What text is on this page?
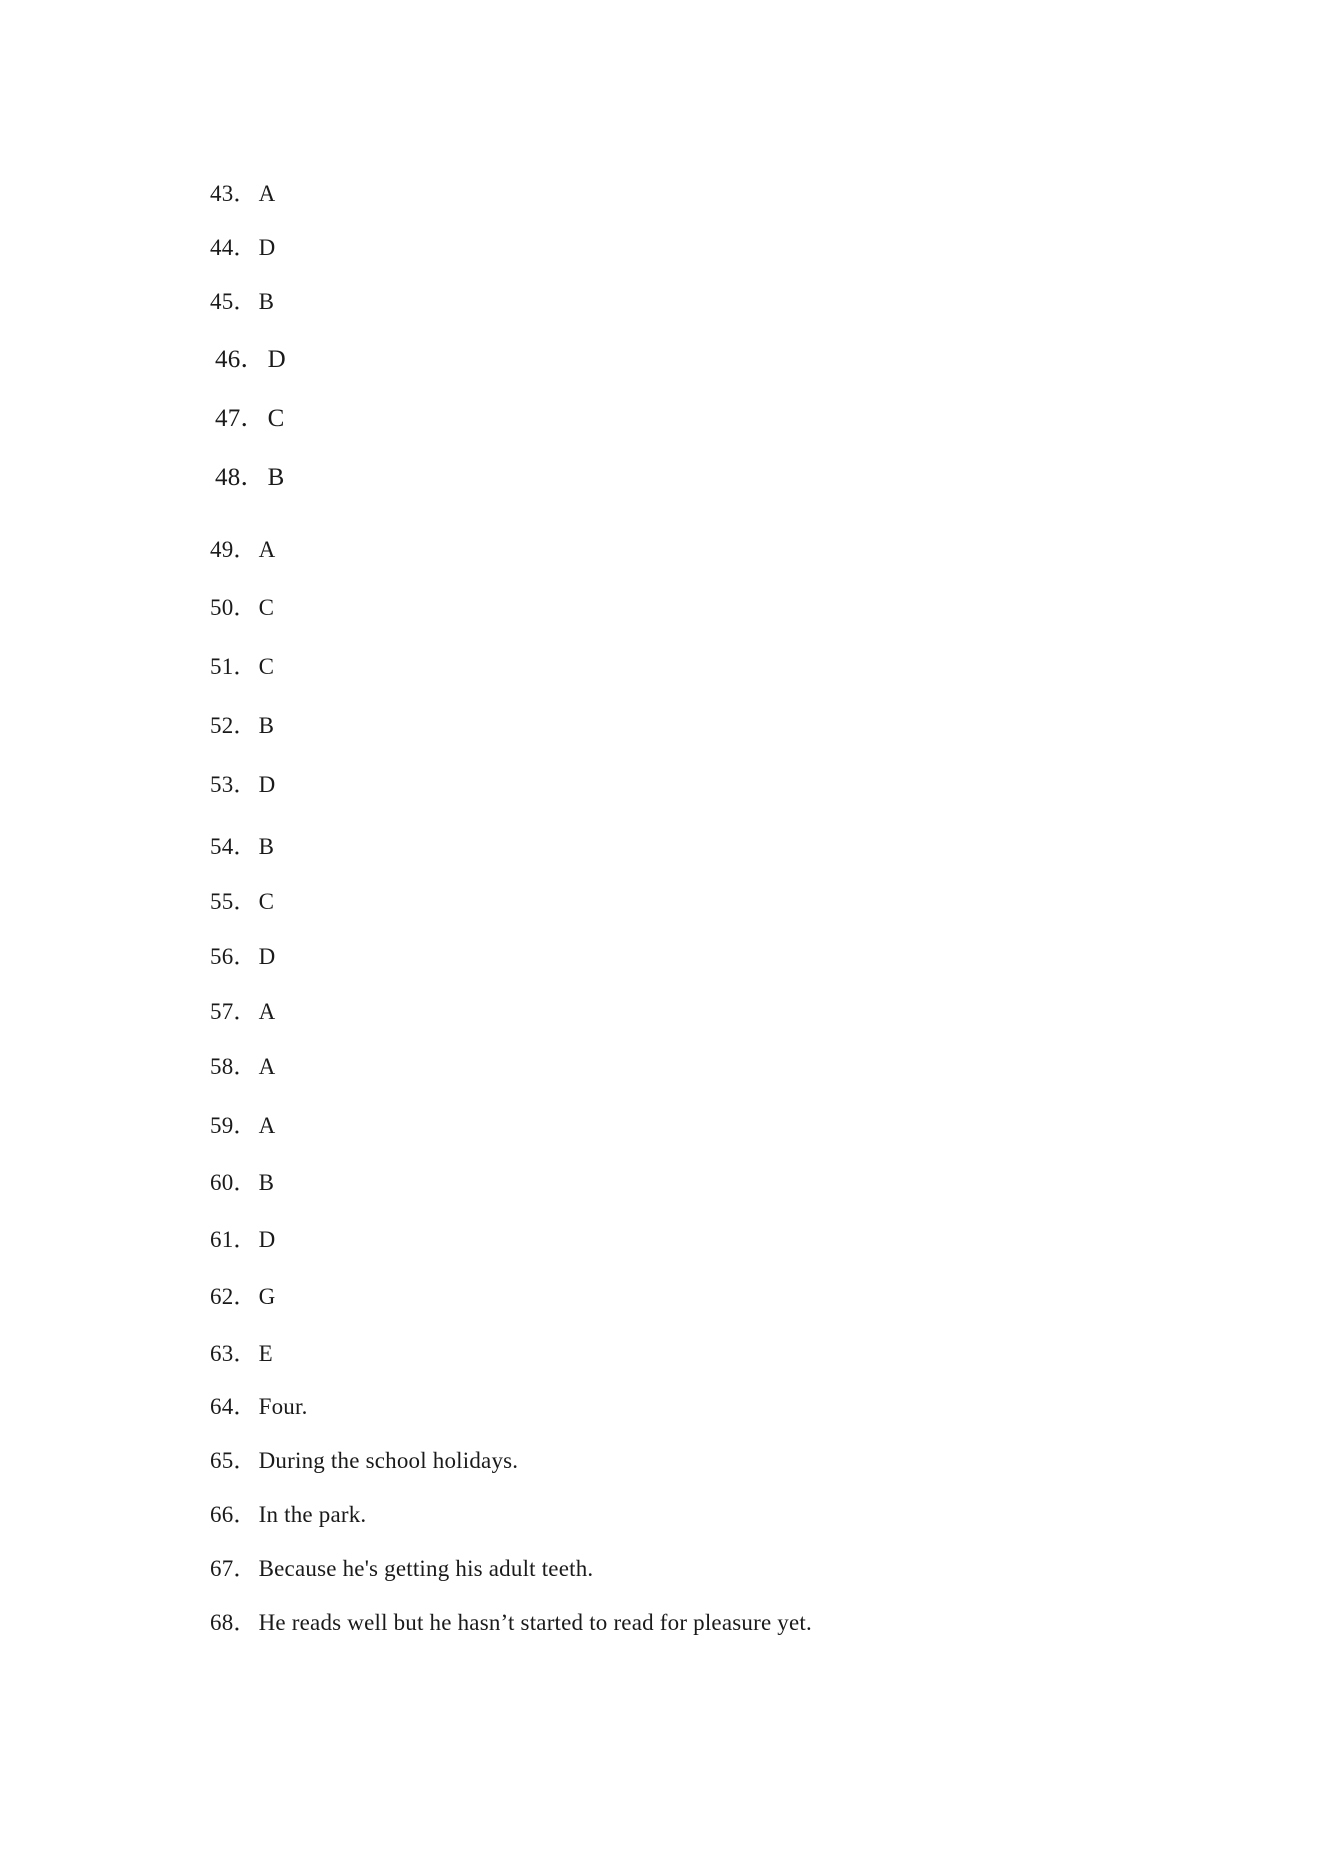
43．A
44．D
45．B
46．D
47．C
48．B
49．A
50．C
51．C
52．B
53．D
54．B
55．C
56．D
57．A
58．A
59．A
60．B
61．D
62．G
63．E
64．Four.
65．During the school holidays.
66．In the park.
67．Because he's getting his adult teeth.
68．He reads well but he hasn’t started to read for pleasure yet.
